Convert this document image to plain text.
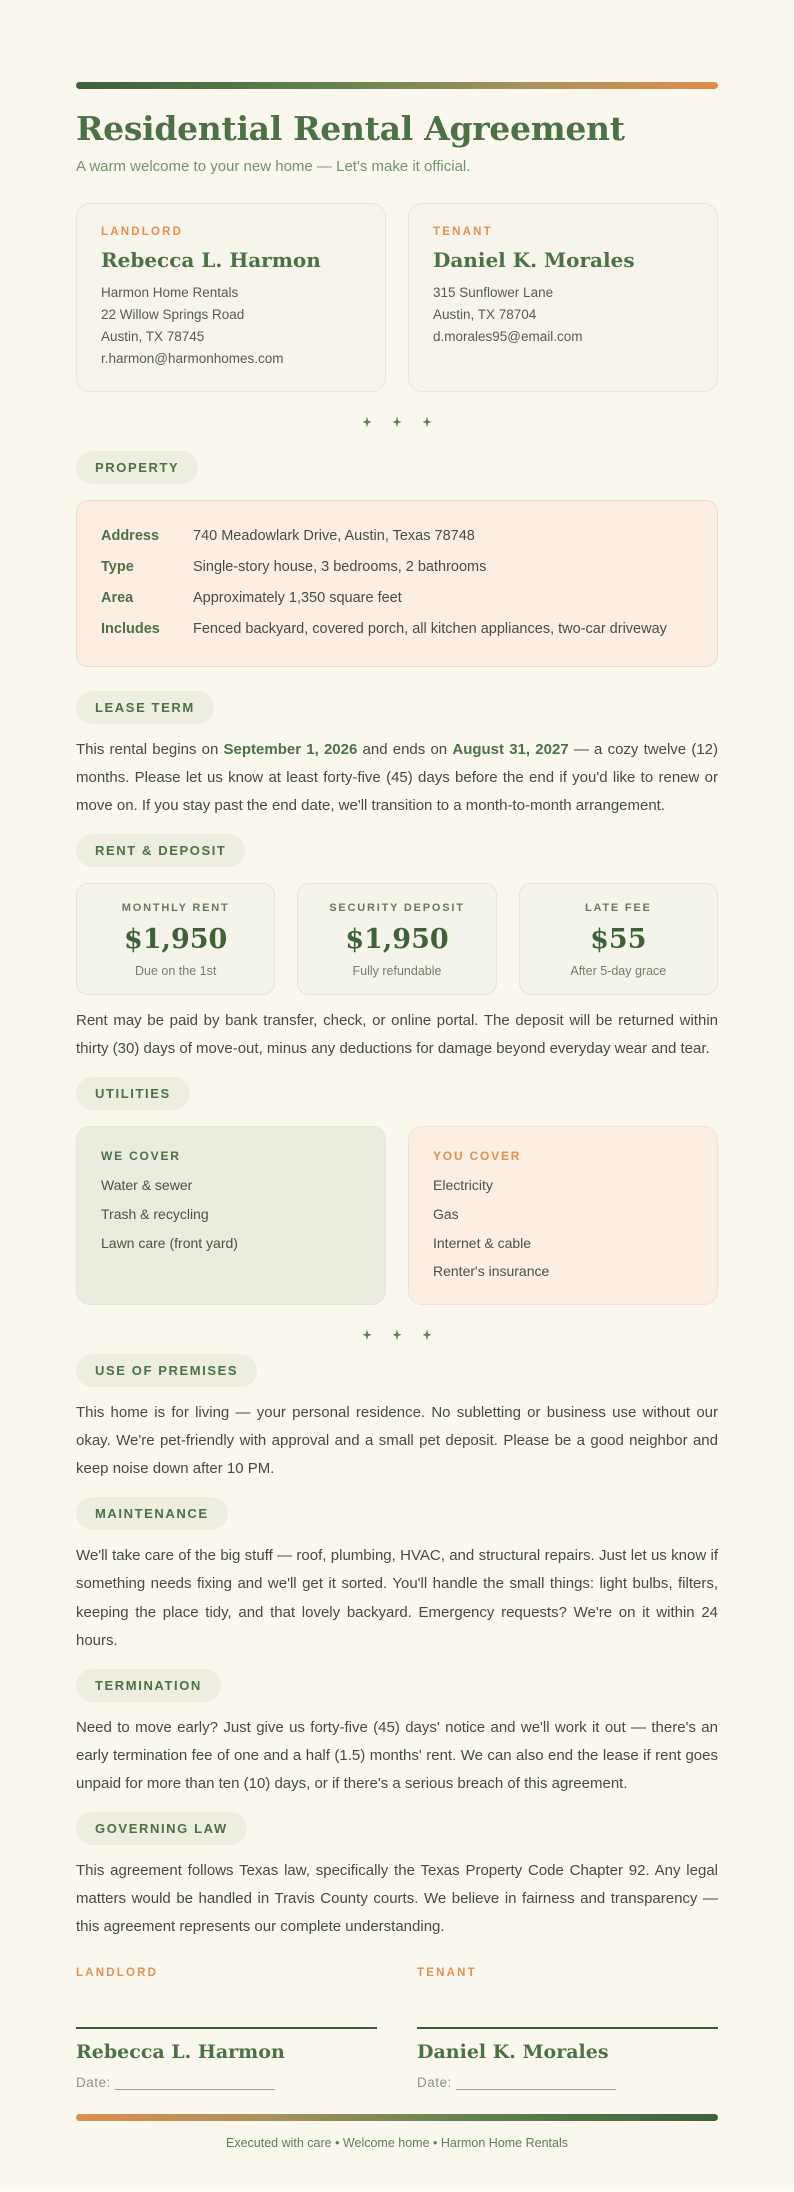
Residential Rental Agreement

A warm welcome to your new home — Let's make it official.

LANDLORD
Rebecca L. Harmon
Harmon Home Rentals
22 Willow Springs Road
Austin, TX 78745
r.harmon@harmonhomes.com
TENANT
Daniel K. Morales
315 Sunflower Lane
Austin, TX 78704
d.morales95@email.com
PROPERTY
Address	740 Meadowlark Drive, Austin, Texas 78748
Type	Single-story house, 3 bedrooms, 2 bathrooms
Area	Approximately 1,350 square feet
Includes	Fenced backyard, covered porch, all kitchen appliances, two-car driveway
LEASE TERM

This rental begins on September 1, 2026 and ends on August 31, 2027 — a cozy twelve (12) months. Please let us know at least forty-five (45) days before the end if you'd like to renew or move on. If you stay past the end date, we'll transition to a month-to-month arrangement.

RENT & DEPOSIT
MONTHLY RENT
$1,950
Due on the 1st
SECURITY DEPOSIT
$1,950
Fully refundable
LATE FEE
$55
After 5-day grace

Rent may be paid by bank transfer, check, or online portal. The deposit will be returned within thirty (30) days of move-out, minus any deductions for damage beyond everyday wear and tear.

UTILITIES
WE COVER
Water & sewer
Trash & recycling
Lawn care (front yard)
YOU COVER
Electricity
Gas
Internet & cable
Renter's insurance
USE OF PREMISES

This home is for living — your personal residence. No subletting or business use without our okay. We're pet-friendly with approval and a small pet deposit. Please be a good neighbor and keep noise down after 10 PM.

MAINTENANCE

We'll take care of the big stuff — roof, plumbing, HVAC, and structural repairs. Just let us know if something needs fixing and we'll get it sorted. You'll handle the small things: light bulbs, filters, keeping the place tidy, and that lovely backyard. Emergency requests? We're on it within 24 hours.

TERMINATION

Need to move early? Just give us forty-five (45) days' notice and we'll work it out — there's an early termination fee of one and a half (1.5) months' rent. We can also end the lease if rent goes unpaid for more than ten (10) days, or if there's a serious breach of this agreement.

GOVERNING LAW

This agreement follows Texas law, specifically the Texas Property Code Chapter 92. Any legal matters would be handled in Travis County courts. We believe in fairness and transparency — this agreement represents our complete understanding.

LANDLORD
Rebecca L. Harmon
Date: ____________________
TENANT
Daniel K. Morales
Date: ____________________

Executed with care • Welcome home • Harmon Home Rentals
